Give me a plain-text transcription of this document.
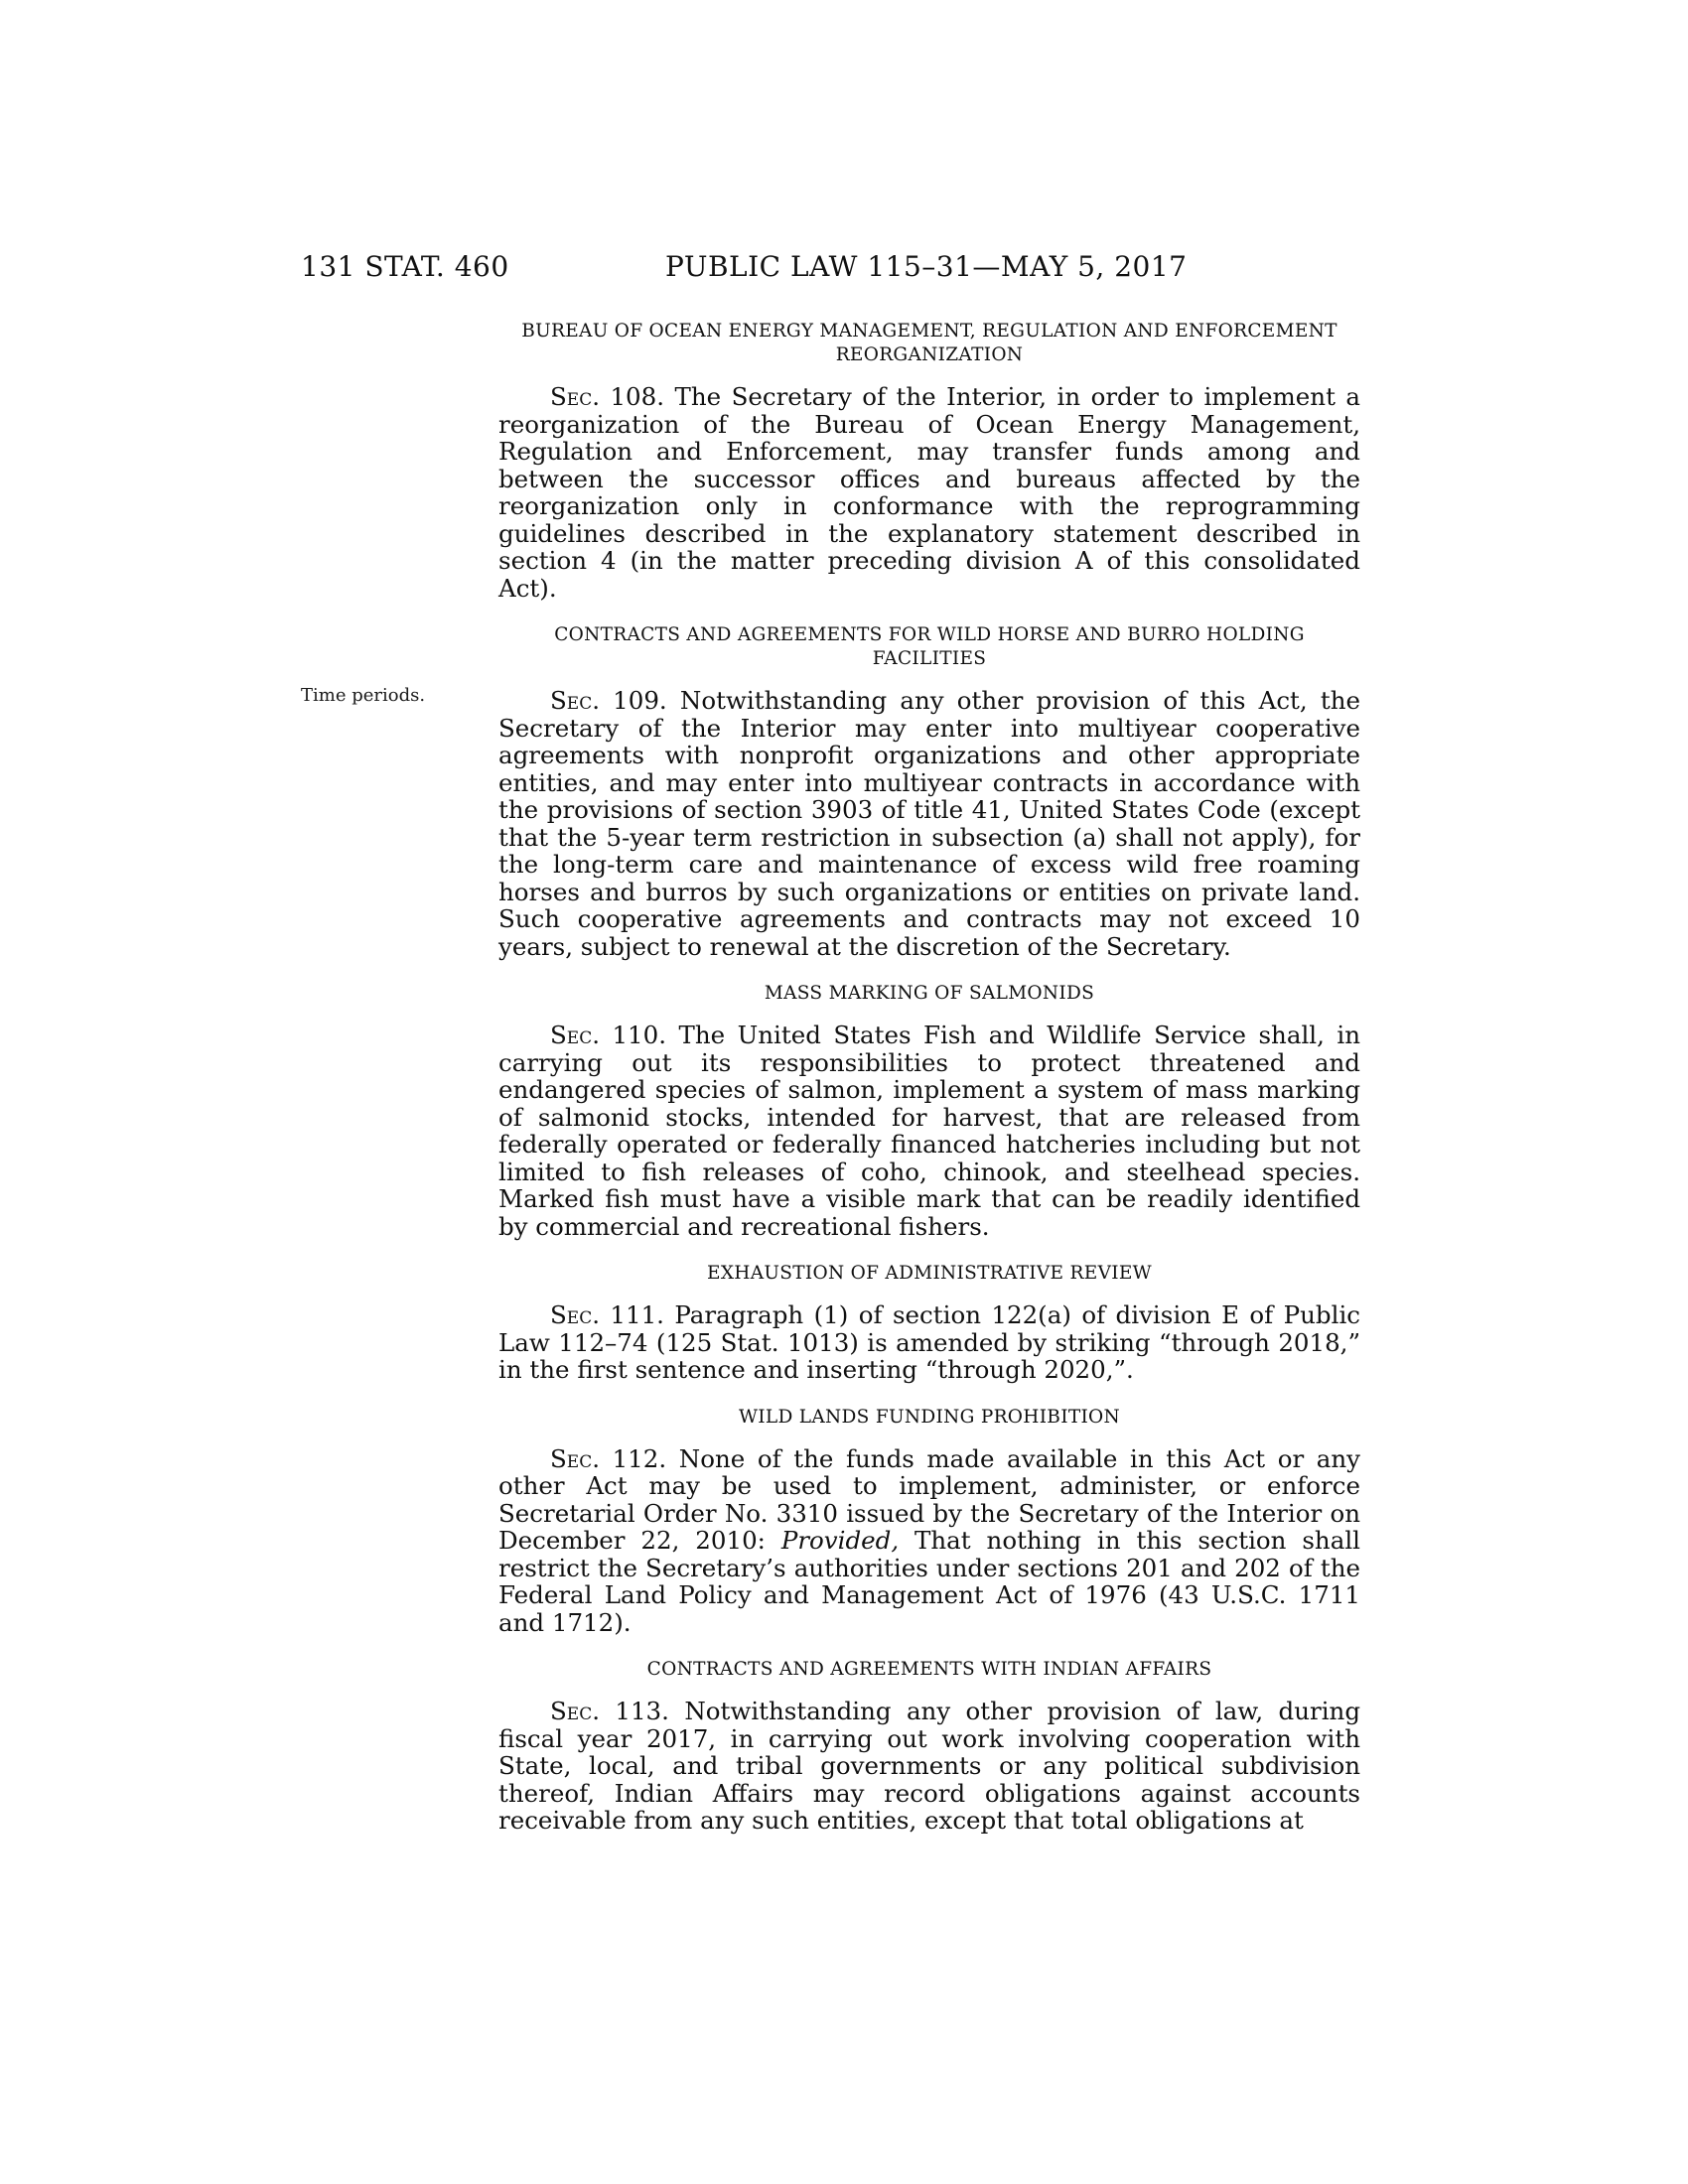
131 STAT. 460	PUBLIC LAW 115–31—MAY 5, 2017
Time periods.
BUREAU OF OCEAN ENERGY MANAGEMENT, REGULATION AND ENFORCEMENT REORGANIZATION

Sec. 108. The Secretary of the Interior, in order to implement a reorganization of the Bureau of Ocean Energy Management, Regulation and Enforcement, may transfer funds among and between the successor offices and bureaus affected by the reorganization only in conformance with the reprogramming guidelines described in the explanatory statement described in section 4 (in the matter preceding division A of this consolidated Act).

CONTRACTS AND AGREEMENTS FOR WILD HORSE AND BURRO HOLDING FACILITIES

Sec. 109. Notwithstanding any other provision of this Act, the Secretary of the Interior may enter into multiyear cooperative agreements with nonprofit organizations and other appropriate entities, and may enter into multiyear contracts in accordance with the provisions of section 3903 of title 41, United States Code (except that the 5-year term restriction in subsection (a) shall not apply), for the long-term care and maintenance of excess wild free roaming horses and burros by such organizations or entities on private land. Such cooperative agreements and contracts may not exceed 10 years, subject to renewal at the discretion of the Secretary.

MASS MARKING OF SALMONIDS

Sec. 110. The United States Fish and Wildlife Service shall, in carrying out its responsibilities to protect threatened and endangered species of salmon, implement a system of mass marking of salmonid stocks, intended for harvest, that are released from federally operated or federally financed hatcheries including but not limited to fish releases of coho, chinook, and steelhead species. Marked fish must have a visible mark that can be readily identified by commercial and recreational fishers.

EXHAUSTION OF ADMINISTRATIVE REVIEW

Sec. 111. Paragraph (1) of section 122(a) of division E of Public Law 112–74 (125 Stat. 1013) is amended by striking “through 2018,” in the first sentence and inserting “through 2020,”.

WILD LANDS FUNDING PROHIBITION

Sec. 112. None of the funds made available in this Act or any other Act may be used to implement, administer, or enforce Secretarial Order No. 3310 issued by the Secretary of the Interior on December 22, 2010: Provided, That nothing in this section shall restrict the Secretary’s authorities under sections 201 and 202 of the Federal Land Policy and Management Act of 1976 (43 U.S.C. 1711 and 1712).

CONTRACTS AND AGREEMENTS WITH INDIAN AFFAIRS

Sec. 113. Notwithstanding any other provision of law, during fiscal year 2017, in carrying out work involving cooperation with State, local, and tribal governments or any political subdivision thereof, Indian Affairs may record obligations against accounts receivable from any such entities, except that total obligations at
